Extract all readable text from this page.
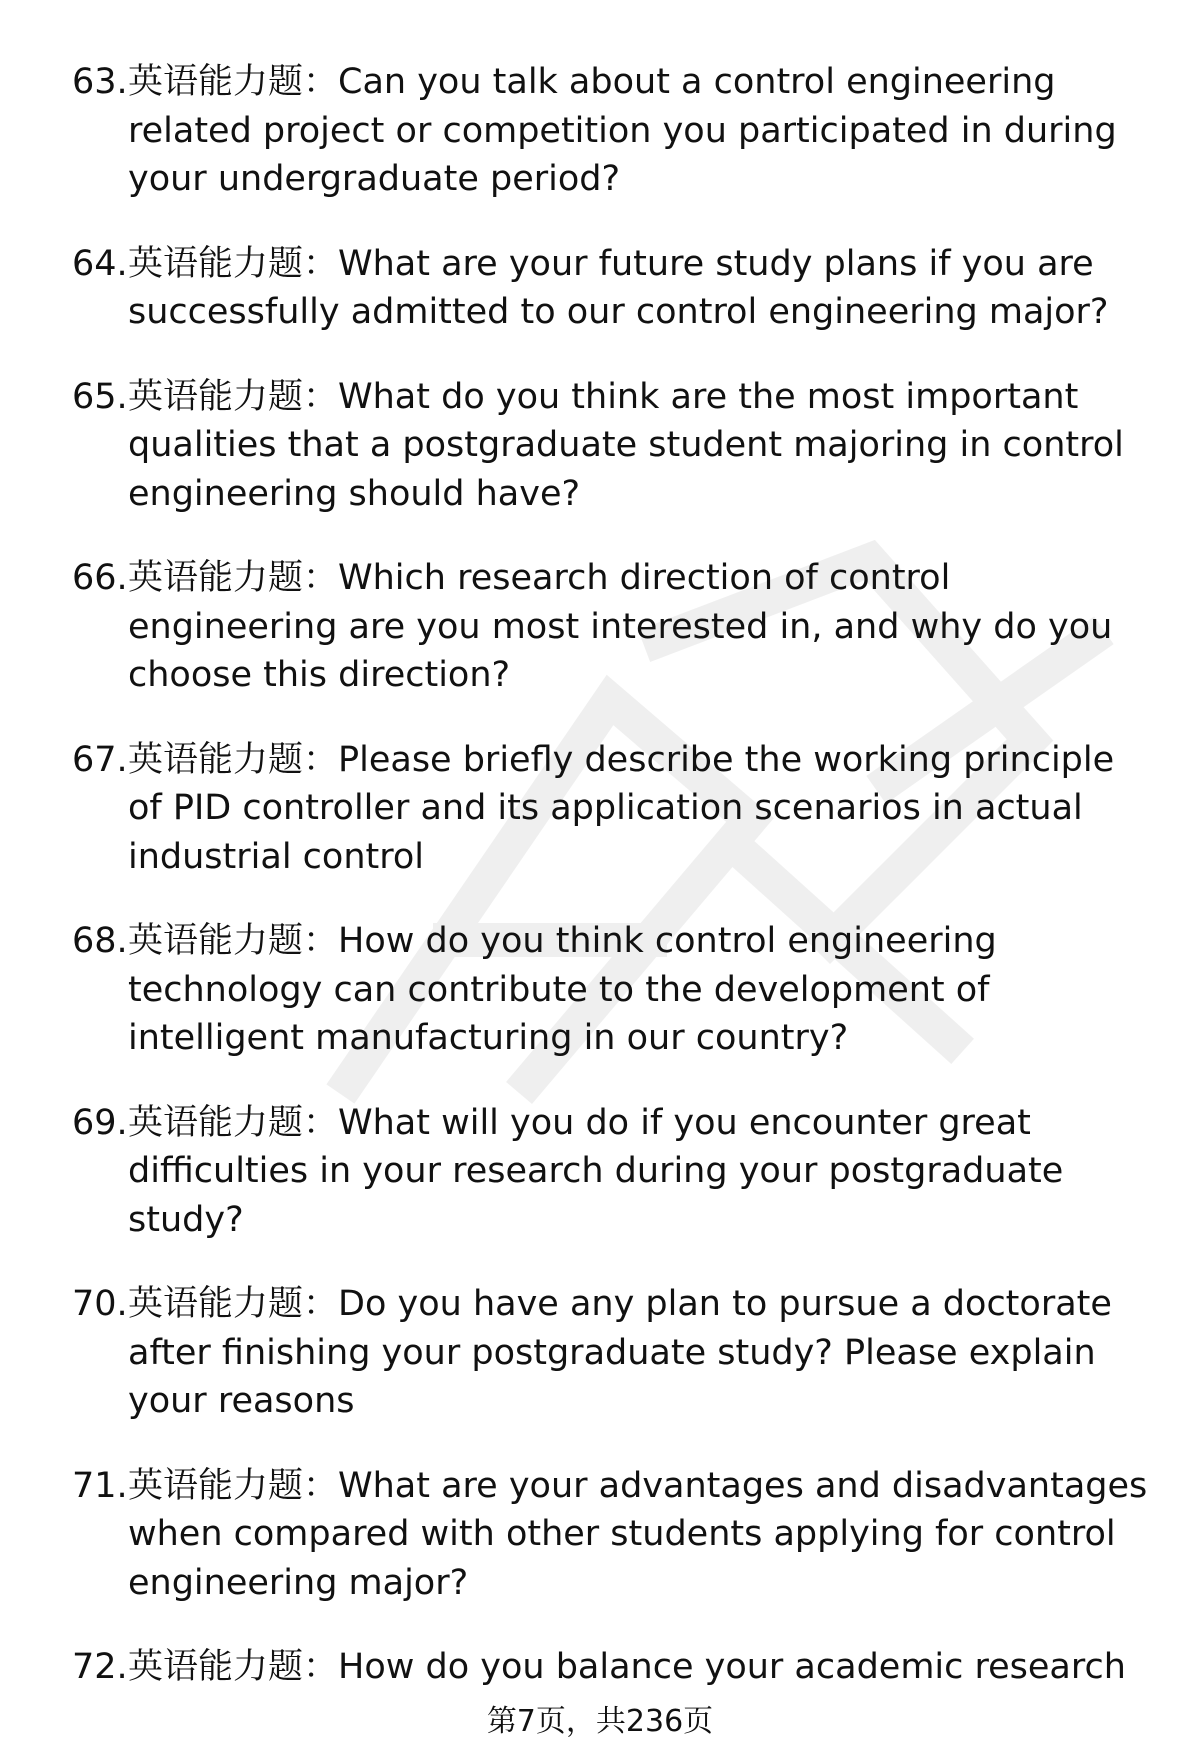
63. 英语能力题：Can you talk about a control engineering related project or competition you participated in during your undergraduate period?
64. 英语能力题：What are your future study plans if you are successfully admitted to our control engineering major?
65. 英语能力题：What do you think are the most important qualities that a postgraduate student majoring in control engineering should have?
66. 英语能力题：Which research direction of control engineering are you most interested in, and why do you choose this direction?
67. 英语能力题：Please briefly describe the working principle of PID controller and its application scenarios in actual industrial control
68. 英语能力题：How do you think control engineering technology can contribute to the development of intelligent manufacturing in our country?
69. 英语能力题：What will you do if you encounter great difficulties in your research during your postgraduate study?
70. 英语能力题：Do you have any plan to pursue a doctorate after finishing your postgraduate study? Please explain your reasons
71. 英语能力题：What are your advantages and disadvantages when compared with other students applying for control engineering major?
72. 英语能力题：How do you balance your academic research
第7页，共236页
